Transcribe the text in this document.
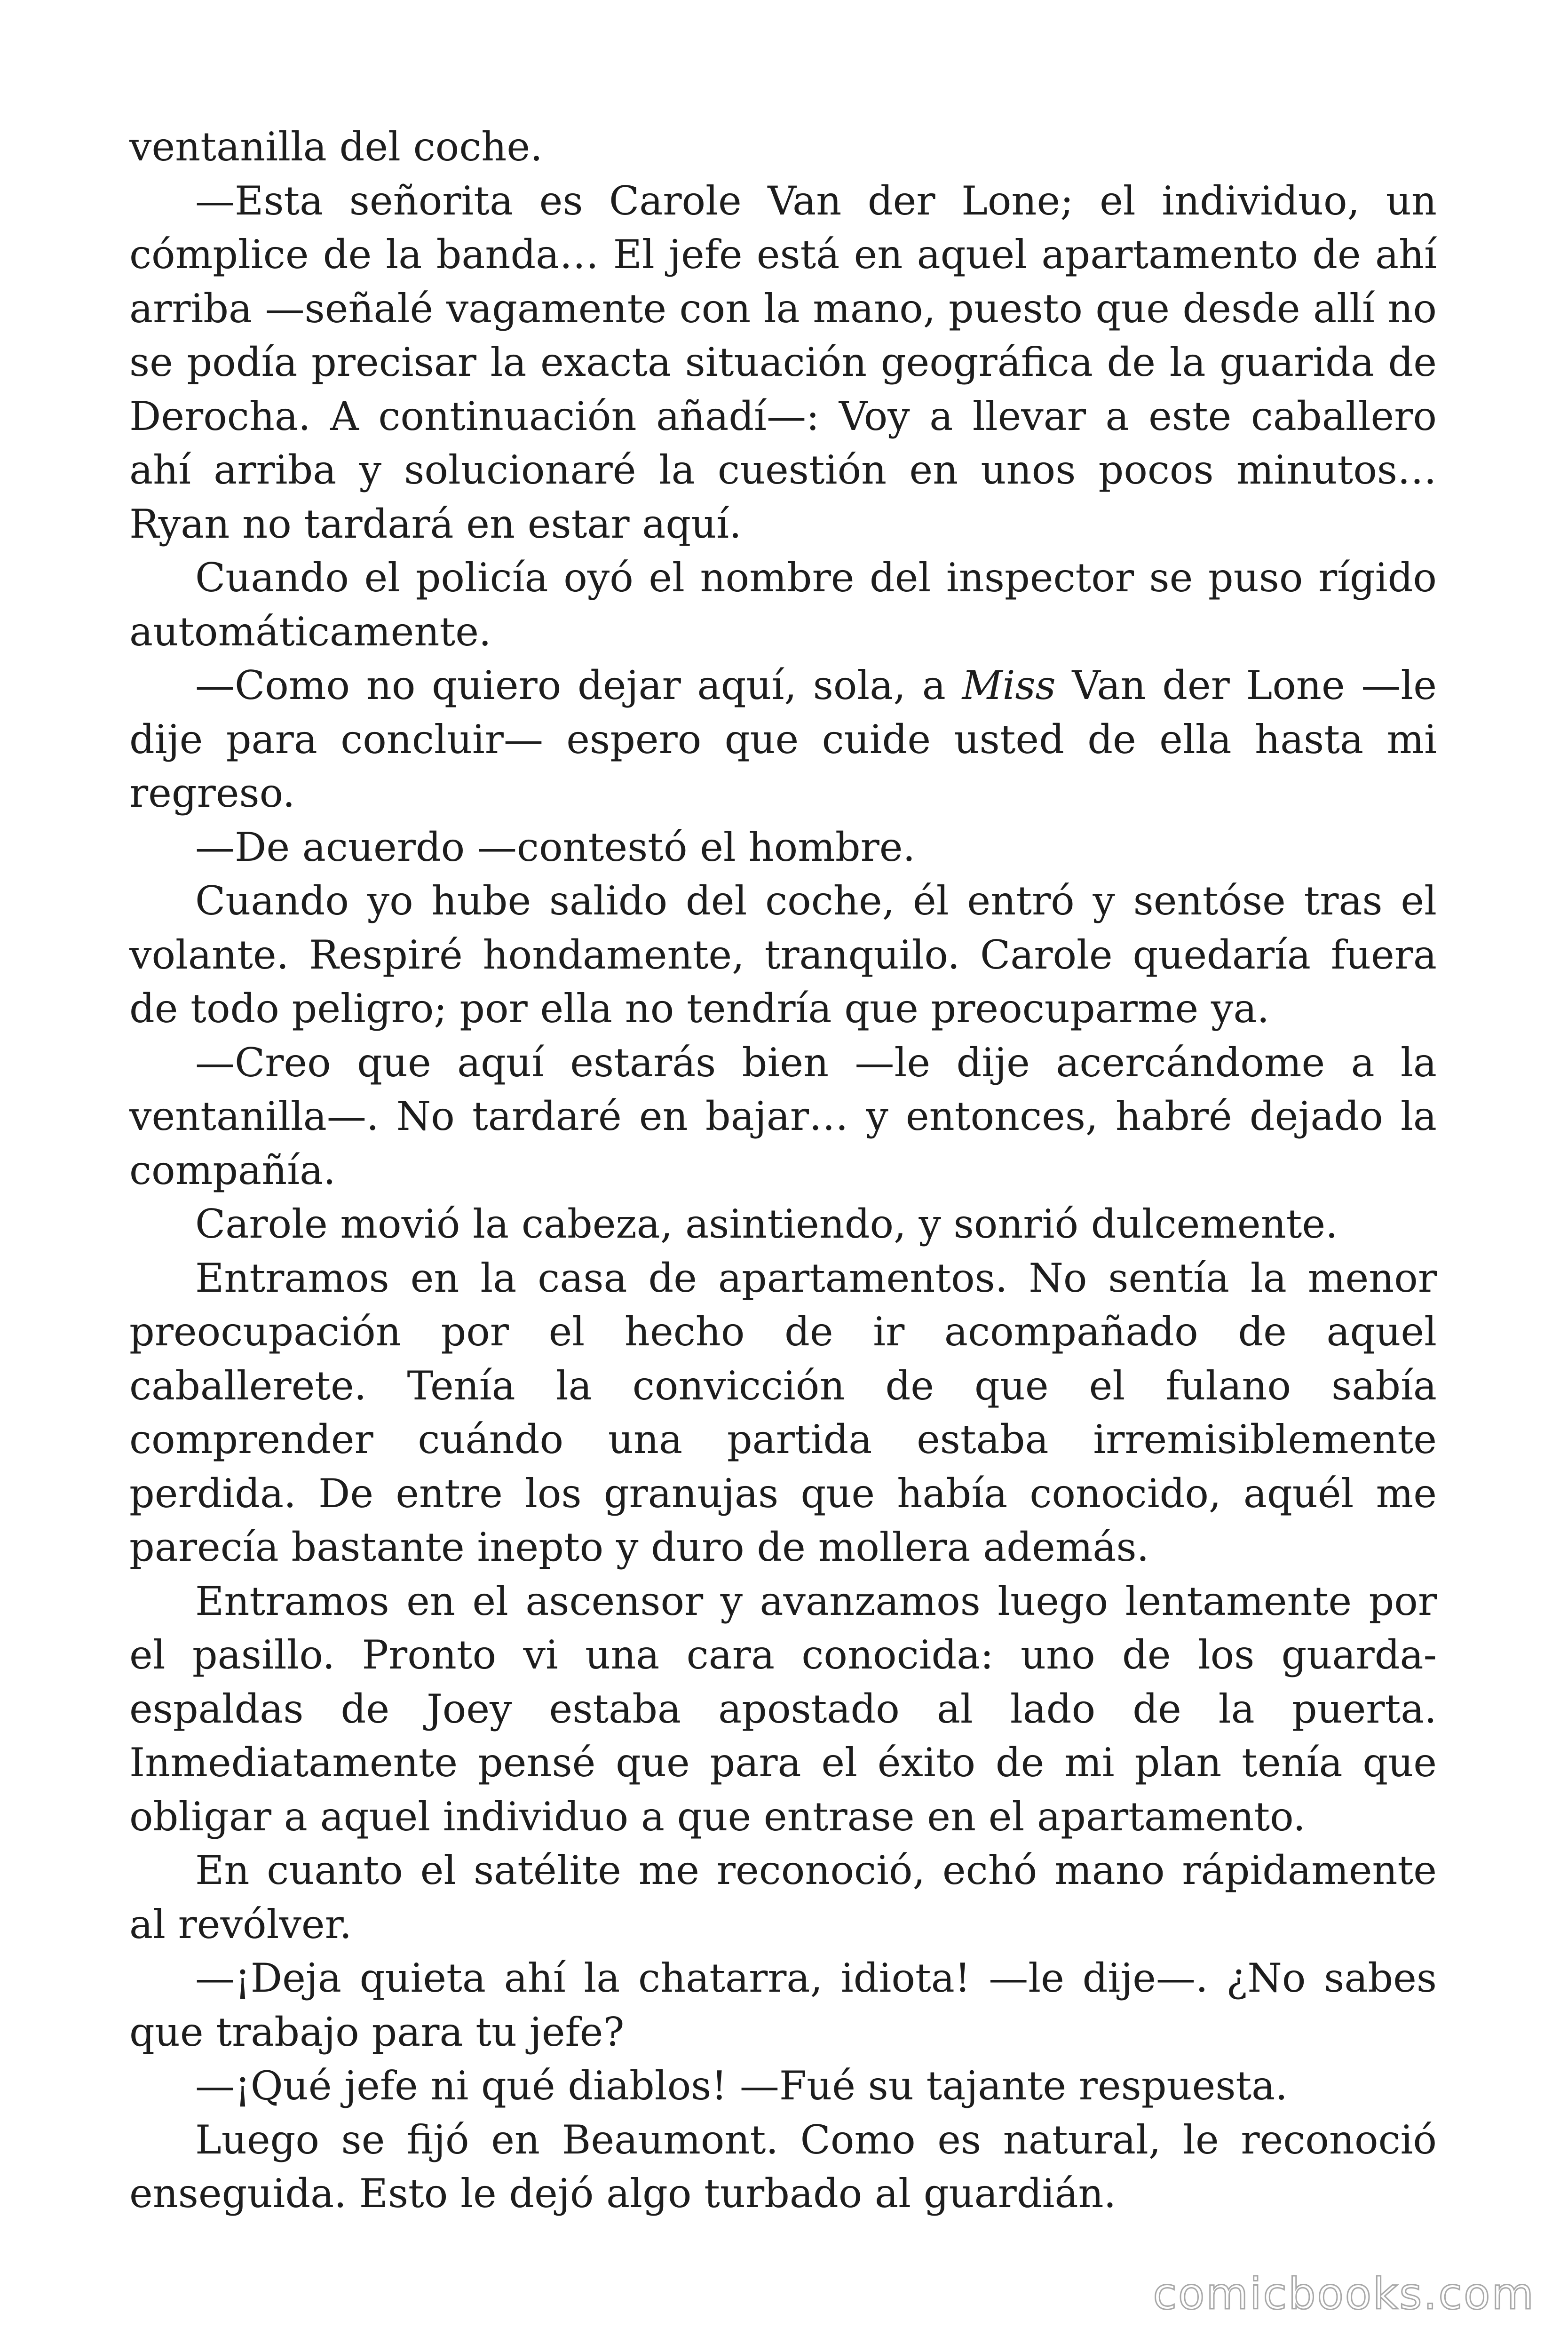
ventanilla del coche.

—Esta señorita es Carole Van der Lone; el individuo, un cómplice de la banda… El jefe está en aquel apartamento de ahí arriba —señalé vagamente con la mano, puesto que desde allí no se podía precisar la exacta situación geográfica de la guarida de Derocha. A continuación añadí—: Voy a llevar a este caballero ahí arriba y solucionaré la cuestión en unos pocos minutos… Ryan no tardará en estar aquí.

Cuando el policía oyó el nombre del inspector se puso rígido automáticamente.

—Como no quiero dejar aquí, sola, a Miss Van der Lone —le dije para concluir— espero que cuide usted de ella hasta mi regreso.

—De acuerdo —contestó el hombre.

Cuando yo hube salido del coche, él entró y sentóse tras el volante. Respiré hondamente, tranquilo. Carole quedaría fuera de todo peligro; por ella no tendría que preocuparme ya.

—Creo que aquí estarás bien —le dije acercándome a la ventanilla—. No tardaré en bajar… y entonces, habré dejado la compañía.

Carole movió la cabeza, asintiendo, y sonrió dulcemente.

Entramos en la casa de apartamentos. No sentía la menor preocupación por el hecho de ir acompañado de aquel caballerete. Tenía la convicción de que el fulano sabía comprender cuándo una partida estaba irremisiblemente perdida. De entre los granujas que había conocido, aquél me parecía bastante inepto y duro de mollera además.

Entramos en el ascensor y avanzamos luego lentamente por el pasillo. Pronto vi una cara conocida: uno de los guarda-espaldas de Joey estaba apostado al lado de la puerta. Inmediatamente pensé que para el éxito de mi plan tenía que obligar a aquel individuo a que entrase en el apartamento.

En cuanto el satélite me reconoció, echó mano rápidamente al revólver.

—¡Deja quieta ahí la chatarra, idiota! —le dije—. ¿No sabes que trabajo para tu jefe?

—¡Qué jefe ni qué diablos! —Fué su tajante respuesta.

Luego se fijó en Beaumont. Como es natural, le reconoció enseguida. Esto le dejó algo turbado al guardián.

comicbooks.com
